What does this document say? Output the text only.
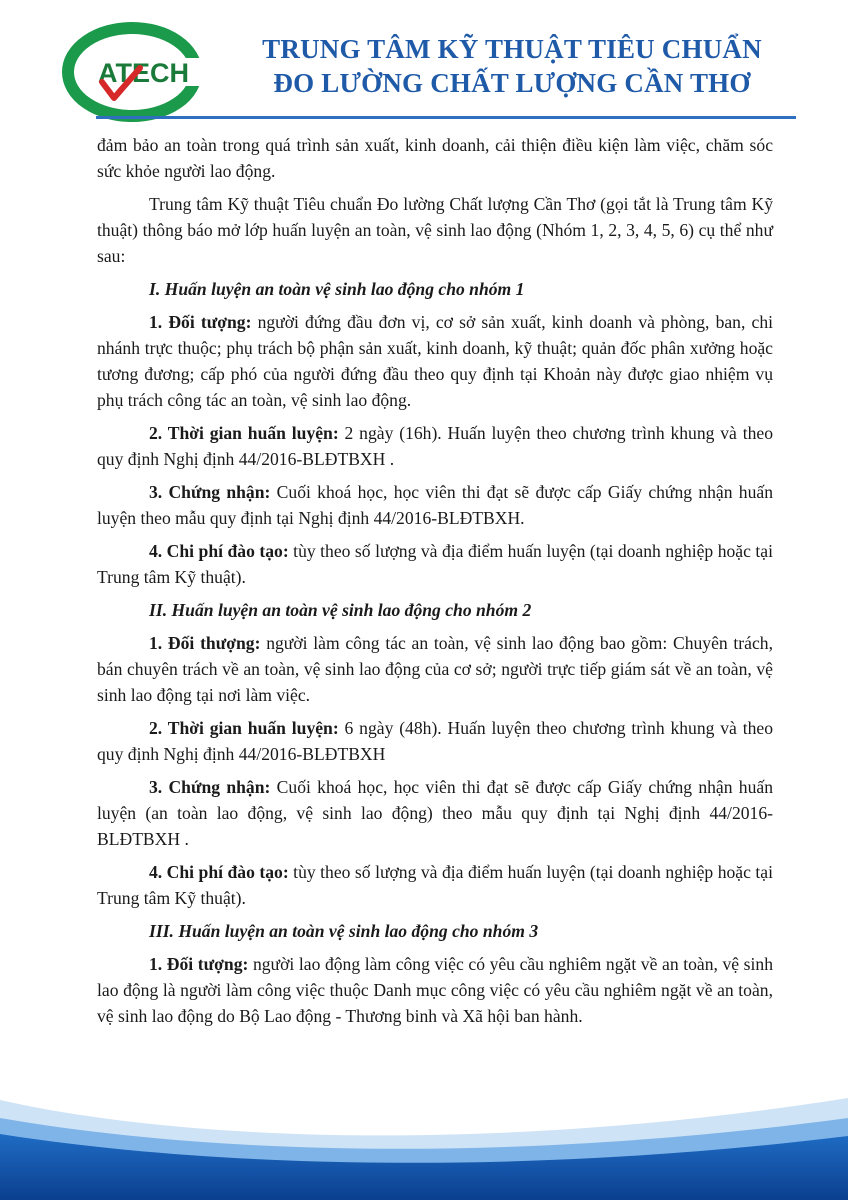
ATECH
TRUNG TÂM KỸ THUẬT TIÊU CHUẨN
ĐO LƯỜNG CHẤT LƯỢNG CẦN THƠ

đảm bảo an toàn trong quá trình sản xuất, kinh doanh, cải thiện điều kiện làm việc, chăm sóc sức khỏe người lao động.

Trung tâm Kỹ thuật Tiêu chuẩn Đo lường Chất lượng Cần Thơ (gọi tắt là Trung tâm Kỹ thuật) thông báo mở lớp huấn luyện an toàn, vệ sinh lao động (Nhóm 1, 2, 3, 4, 5, 6) cụ thể như sau:

I. Huấn luyện an toàn vệ sinh lao động cho nhóm 1

1. Đối tượng: người đứng đầu đơn vị, cơ sở sản xuất, kinh doanh và phòng, ban, chi nhánh trực thuộc; phụ trách bộ phận sản xuất, kinh doanh, kỹ thuật; quản đốc phân xưởng hoặc tương đương; cấp phó của người đứng đầu theo quy định tại Khoản này được giao nhiệm vụ phụ trách công tác an toàn, vệ sinh lao động.

2. Thời gian huấn luyện: 2 ngày (16h). Huấn luyện theo chương trình khung và theo quy định Nghị định 44/2016-BLĐTBXH .

3. Chứng nhận: Cuối khoá học, học viên thi đạt sẽ được cấp Giấy chứng nhận huấn luyện theo mẫu quy định tại Nghị định 44/2016-BLĐTBXH.

4. Chi phí đào tạo: tùy theo số lượng và địa điểm huấn luyện (tại doanh nghiệp hoặc tại Trung tâm Kỹ thuật).

II. Huấn luyện an toàn vệ sinh lao động cho nhóm 2

1. Đối thượng: người làm công tác an toàn, vệ sinh lao động bao gồm: Chuyên trách, bán chuyên trách về an toàn, vệ sinh lao động của cơ sở; người trực tiếp giám sát về an toàn, vệ sinh lao động tại nơi làm việc.

2. Thời gian huấn luyện: 6 ngày (48h). Huấn luyện theo chương trình khung và theo quy định Nghị định 44/2016-BLĐTBXH

3. Chứng nhận: Cuối khoá học, học viên thi đạt sẽ được cấp Giấy chứng nhận huấn luyện (an toàn lao động, vệ sinh lao động) theo mẫu quy định tại Nghị định 44/2016-BLĐTBXH .

4. Chi phí đào tạo: tùy theo số lượng và địa điểm huấn luyện (tại doanh nghiệp hoặc tại Trung tâm Kỹ thuật).

III. Huấn luyện an toàn vệ sinh lao động cho nhóm 3

1. Đối tượng: người lao động làm công việc có yêu cầu nghiêm ngặt về an toàn, vệ sinh lao động là người làm công việc thuộc Danh mục công việc có yêu cầu nghiêm ngặt về an toàn, vệ sinh lao động do Bộ Lao động - Thương binh và Xã hội ban hành.
